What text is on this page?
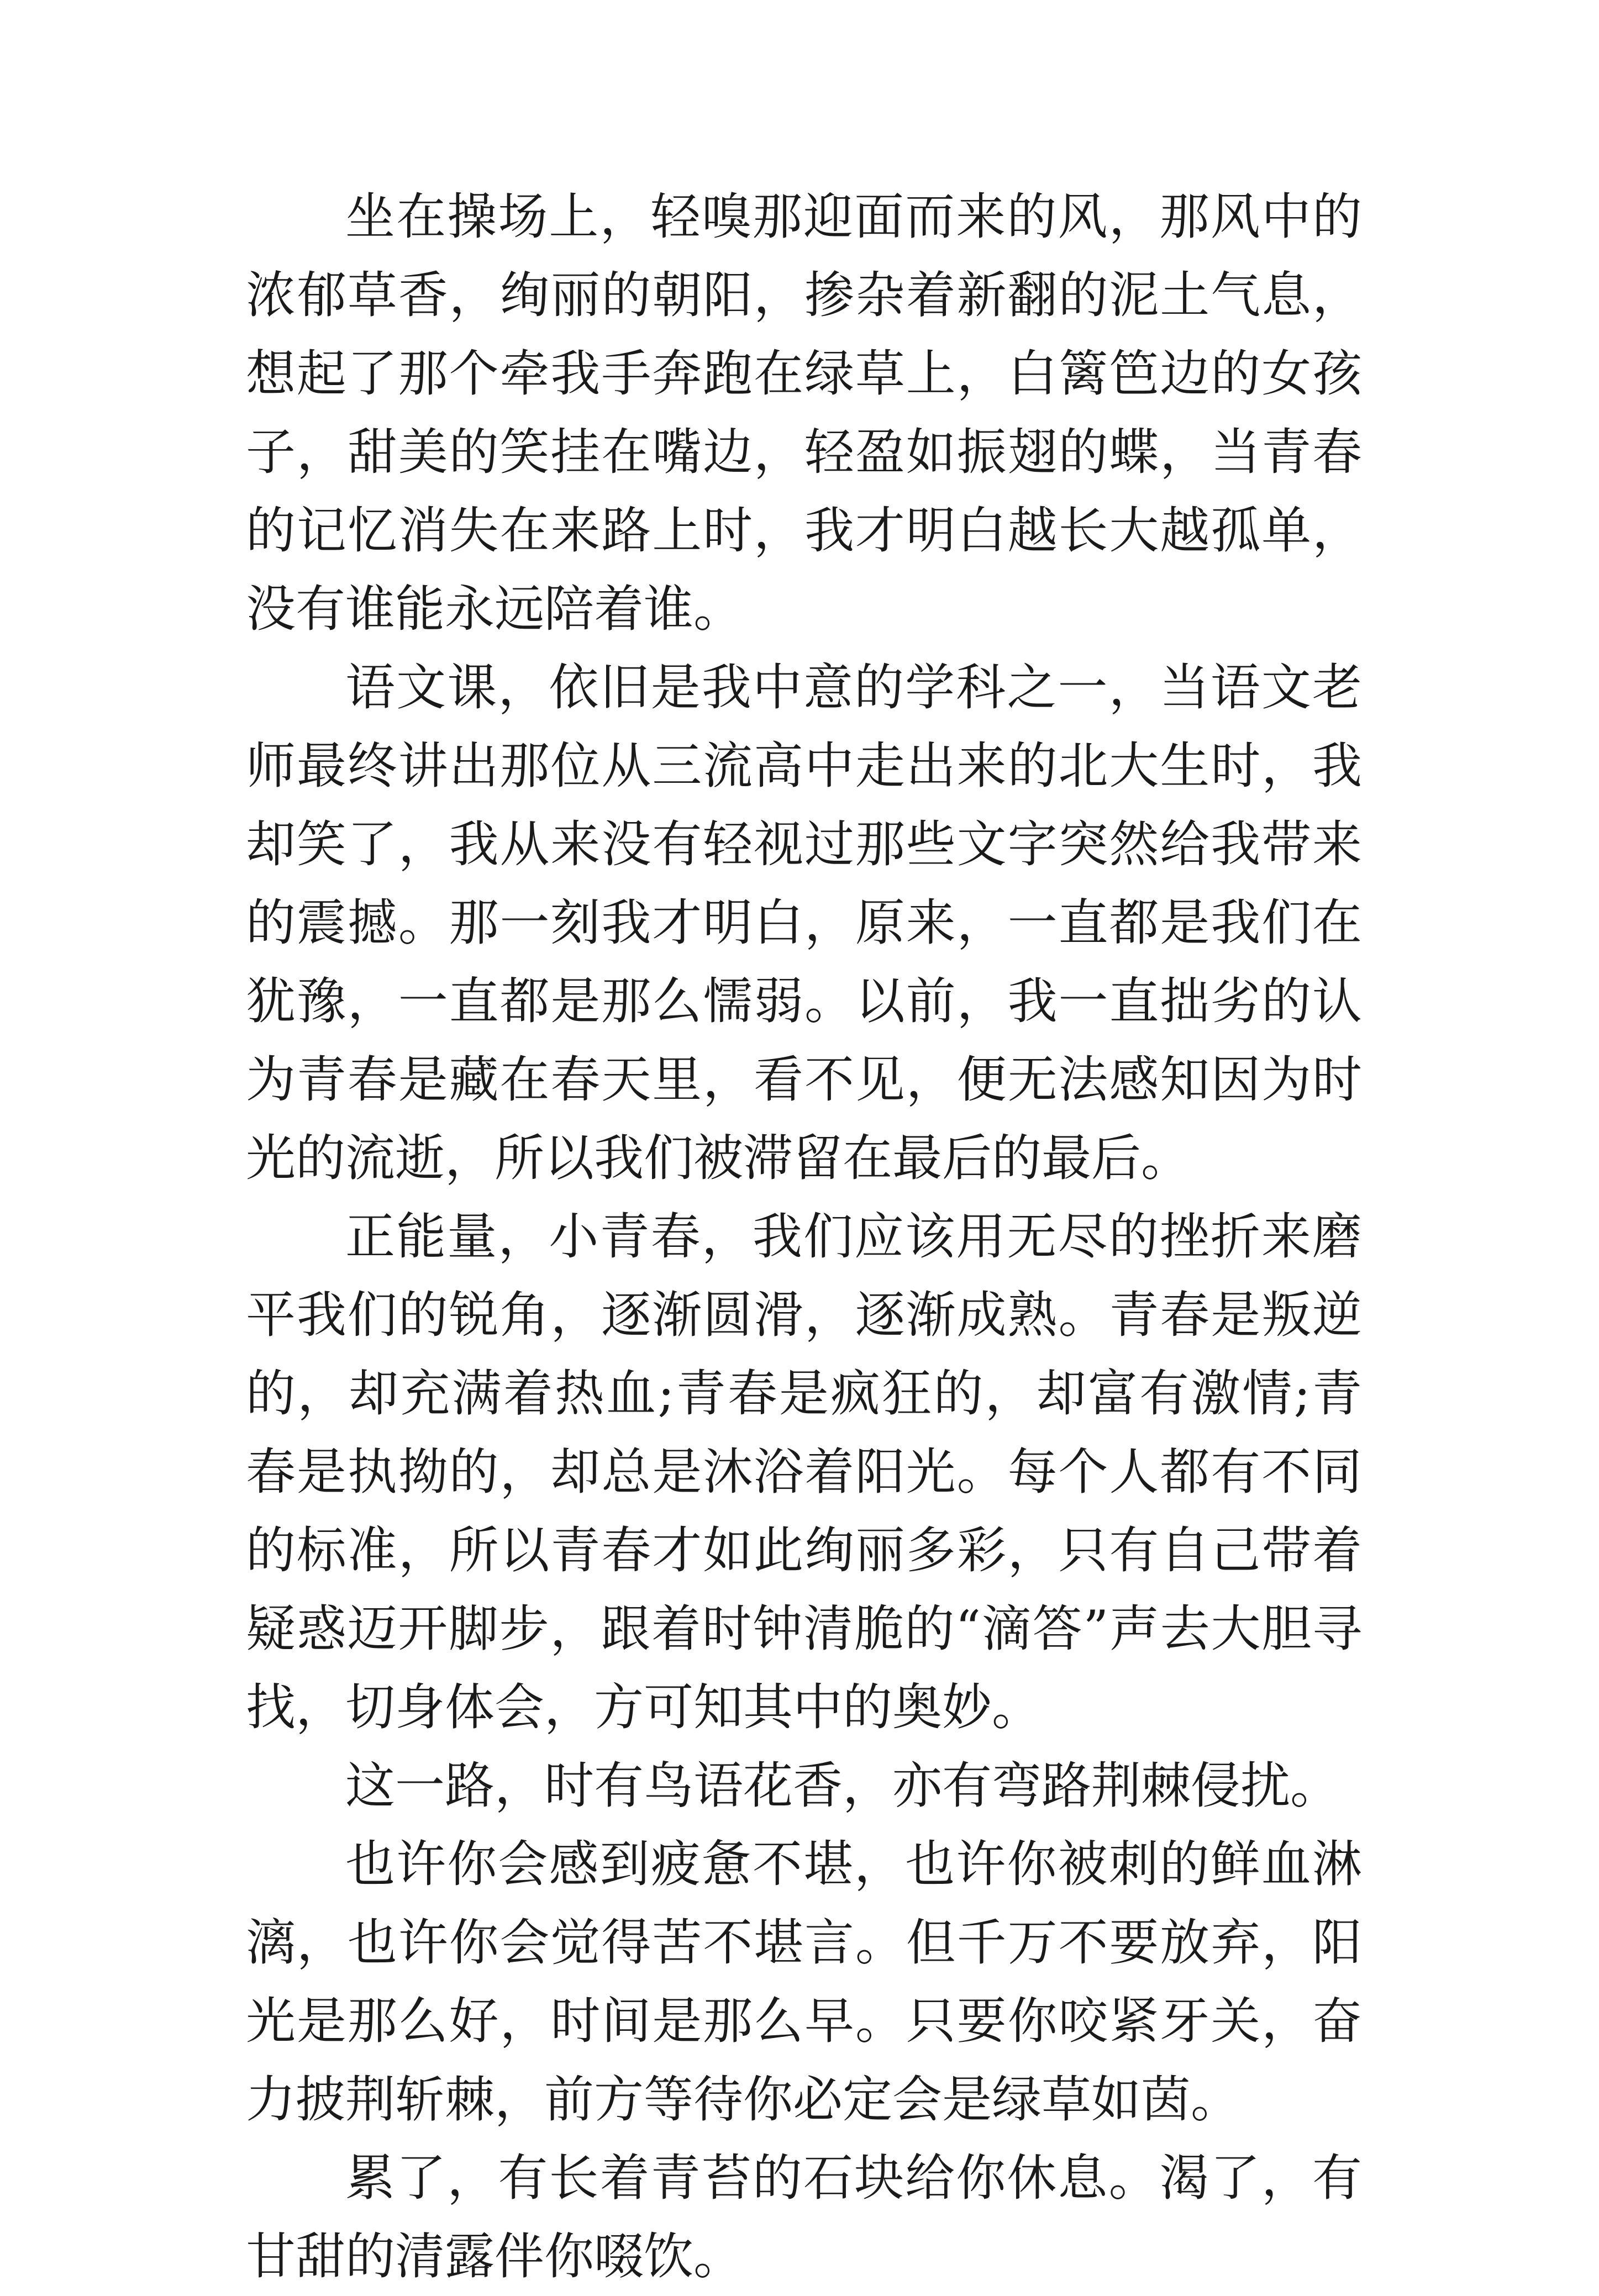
坐在操场上，轻嗅那迎面而来的风，那风中的浓郁草香，绚丽的朝阳，掺杂着新翻的泥土气息，想起了那个牵我手奔跑在绿草上，白篱笆边的女孩子，甜美的笑挂在嘴边，轻盈如振翅的蝶，当青春的记忆消失在来路上时，我才明白越长大越孤单，没有谁能永远陪着谁。

语文课，依旧是我中意的学科之一，当语文老师最终讲出那位从三流高中走出来的北大生时，我却笑了，我从来没有轻视过那些文字突然给我带来的震撼。那一刻我才明白，原来，一直都是我们在犹豫，一直都是那么懦弱。以前，我一直拙劣的认为青春是藏在春天里，看不见，便无法感知因为时光的流逝，所以我们被滞留在最后的最后。

正能量，小青春，我们应该用无尽的挫折来磨平我们的锐角，逐渐圆滑，逐渐成熟。青春是叛逆的，却充满着热血;青春是疯狂的，却富有激情;青春是执拗的，却总是沐浴着阳光。每个人都有不同的标准，所以青春才如此绚丽多彩，只有自己带着疑惑迈开脚步，跟着时钟清脆的“滴答”声去大胆寻找，切身体会，方可知其中的奥妙。

这一路，时有鸟语花香，亦有弯路荆棘侵扰。

也许你会感到疲惫不堪，也许你被刺的鲜血淋漓，也许你会觉得苦不堪言。但千万不要放弃，阳光是那么好，时间是那么早。只要你咬紧牙关，奋力披荆斩棘，前方等待你必定会是绿草如茵。

累了，有长着青苔的石块给你休息。渴了，有甘甜的清露伴你啜饮。
